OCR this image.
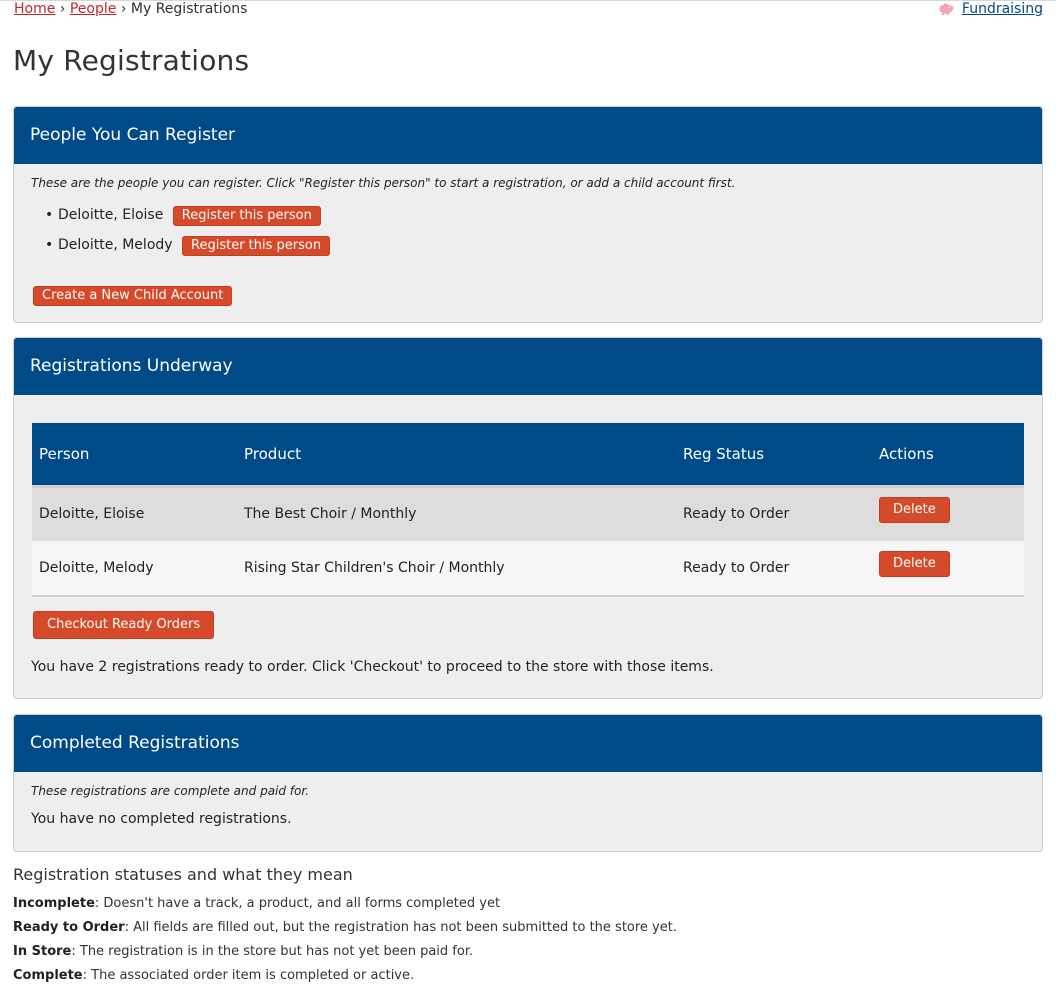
Home › People › My Registrations	Fundraising
My Registrations
People You Can Register
These are the people you can register. Click "Register this person" to start a registration, or add a child account first.
• Deloitte, Eloise Register this person
• Deloitte, Melody Register this person
Create a New Child Account
Registrations Underway
Person	Product	Reg Status	Actions
Deloitte, Eloise	The Best Choir / Monthly	Ready to Order	Delete
Deloitte, Melody	Rising Star Children's Choir / Monthly	Ready to Order	Delete
Checkout Ready Orders
You have 2 registrations ready to order. Click 'Checkout' to proceed to the store with those items.
Completed Registrations
These registrations are complete and paid for.
You have no completed registrations.
Registration statuses and what they mean
Incomplete: Doesn't have a track, a product, and all forms completed yet
Ready to Order: All fields are filled out, but the registration has not been submitted to the store yet.
In Store: The registration is in the store but has not yet been paid for.
Complete: The associated order item is completed or active.
